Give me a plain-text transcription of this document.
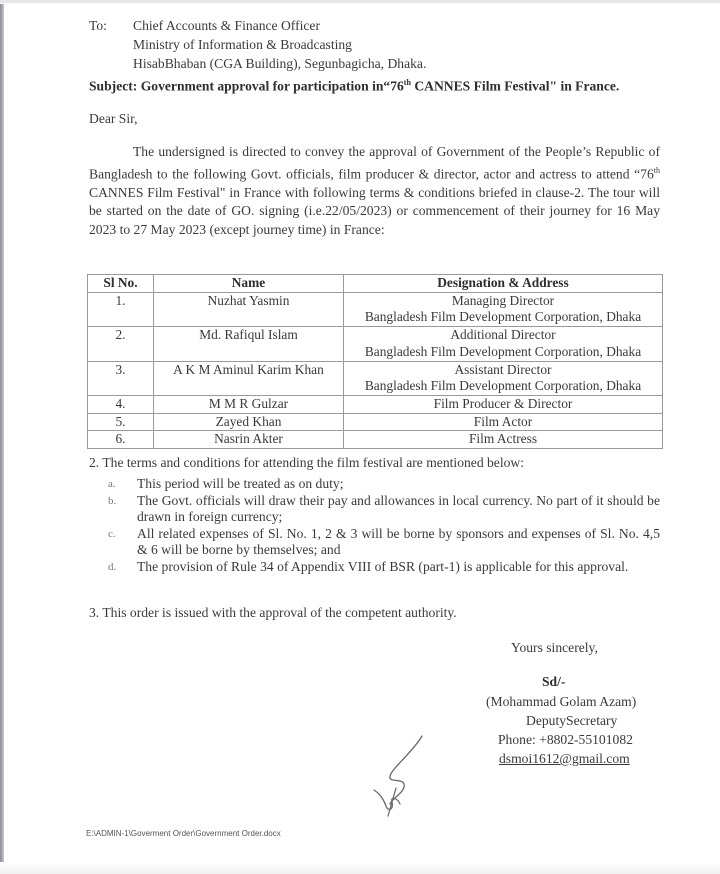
To:	Chief Accounts & Finance Officer
Ministry of Information & Broadcasting
HisabBhaban (CGA Building), Segunbagicha, Dhaka.
Subject: Government approval for participation in“76th CANNES Film Festival" in France.
Dear Sir,
The undersigned is directed to convey the approval of Government of the People’s Republic of Bangladesh to the following Govt. officials, film producer & director, actor and actress to attend “76th CANNES Film Festival" in France with following terms & conditions briefed in clause-2. The tour will be started on the date of GO. signing (i.e.22/05/2023) or commencement of their journey for 16 May 2023 to 27 May 2023 (except journey time) in France:
Sl No.	Name	Designation & Address
1.	Nuzhat Yasmin	Managing Director
Bangladesh Film Development Corporation, Dhaka

2.	Md. Rafiqul Islam	Additional Director
Bangladesh Film Development Corporation, Dhaka

3.	A K M Aminul Karim Khan	Assistant Director
Bangladesh Film Development Corporation, Dhaka

4.	M M R Gulzar	Film Producer & Director
5.	Zayed Khan	Film Actor
6.	Nasrin Akter	Film Actress
2. The terms and conditions for attending the film festival are mentioned below:
a. This period will be treated as on duty;
b. The Govt. officials will draw their pay and allowances in local currency. No part of it should be drawn in foreign currency;
c. All related expenses of Sl. No. 1, 2 & 3 will be borne by sponsors and expenses of Sl. No. 4,5 & 6 will be borne by themselves; and
d. The provision of Rule 34 of Appendix VIII of BSR (part-1) is applicable for this approval.
3. This order is issued with the approval of the competent authority.
Yours sincerely,
Sd/-
(Mohammad Golam Azam)
DeputySecretary
Phone: +8802-55101082
dsmoi1612@gmail.com
E:\ADMIN-1\Goverment Order\Government Order.docx
